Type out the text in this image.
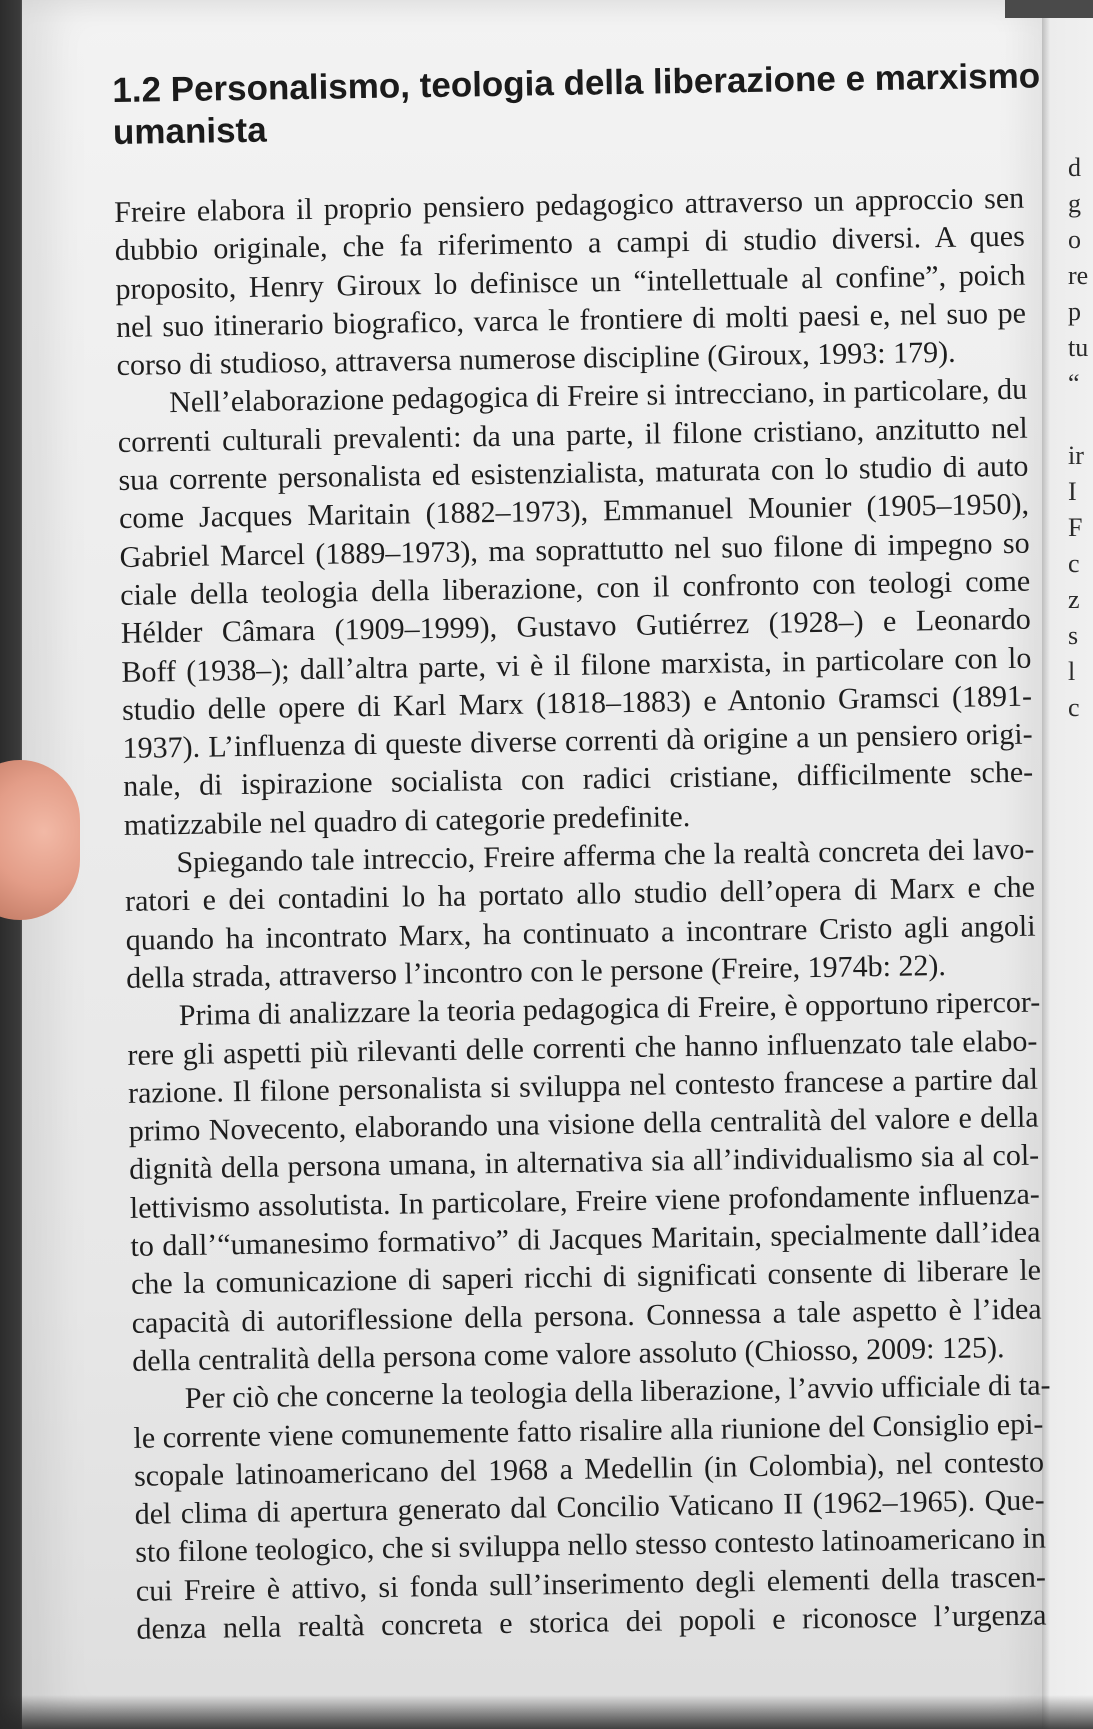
d
g
o
re
p
tu
“
ir
I
F
c
z
s
l
c
1.2 Personalismo, teologia della liberazione e marxismo
umanista
Freire elabora il proprio pensiero pedagogico attraverso un approccio sen
dubbio originale, che fa riferimento a campi di studio diversi. A ques
proposito, Henry Giroux lo definisce un “intellettuale al confine”, poich
nel suo itinerario biografico, varca le frontiere di molti paesi e, nel suo pe
corso di studioso, attraversa numerose discipline (Giroux, 1993: 179).
Nell’elaborazione pedagogica di Freire si intrecciano, in particolare, du
correnti culturali prevalenti: da una parte, il filone cristiano, anzitutto nel
sua corrente personalista ed esistenzialista, maturata con lo studio di auto
come Jacques Maritain (1882–1973), Emmanuel Mounier (1905–1950),
Gabriel Marcel (1889–1973), ma soprattutto nel suo filone di impegno so
ciale della teologia della liberazione, con il confronto con teologi come
Hélder Câmara (1909–1999), Gustavo Gutiérrez (1928–) e Leonardo
Boff (1938–); dall’altra parte, vi è il filone marxista, in particolare con lo
studio delle opere di Karl Marx (1818–1883) e Antonio Gramsci (1891-
1937). L’influenza di queste diverse correnti dà origine a un pensiero origi-
nale, di ispirazione socialista con radici cristiane, difficilmente sche-
matizzabile nel quadro di categorie predefinite.
Spiegando tale intreccio, Freire afferma che la realtà concreta dei lavo-
ratori e dei contadini lo ha portato allo studio dell’opera di Marx e che
quando ha incontrato Marx, ha continuato a incontrare Cristo agli angoli
della strada, attraverso l’incontro con le persone (Freire, 1974b: 22).
Prima di analizzare la teoria pedagogica di Freire, è opportuno ripercor-
rere gli aspetti più rilevanti delle correnti che hanno influenzato tale elabo-
razione. Il filone personalista si sviluppa nel contesto francese a partire dal
primo Novecento, elaborando una visione della centralità del valore e della
dignità della persona umana, in alternativa sia all’individualismo sia al col-
lettivismo assolutista. In particolare, Freire viene profondamente influenza-
to dall’“umanesimo formativo” di Jacques Maritain, specialmente dall’idea
che la comunicazione di saperi ricchi di significati consente di liberare le
capacità di autoriflessione della persona. Connessa a tale aspetto è l’idea
della centralità della persona come valore assoluto (Chiosso, 2009: 125).
Per ciò che concerne la teologia della liberazione, l’avvio ufficiale di ta-
le corrente viene comunemente fatto risalire alla riunione del Consiglio epi-
scopale latinoamericano del 1968 a Medellin (in Colombia), nel contesto
del clima di apertura generato dal Concilio Vaticano II (1962–1965). Que-
sto filone teologico, che si sviluppa nello stesso contesto latinoamericano in
cui Freire è attivo, si fonda sull’inserimento degli elementi della trascen-
denza nella realtà concreta e storica dei popoli e riconosce l’urgenza
